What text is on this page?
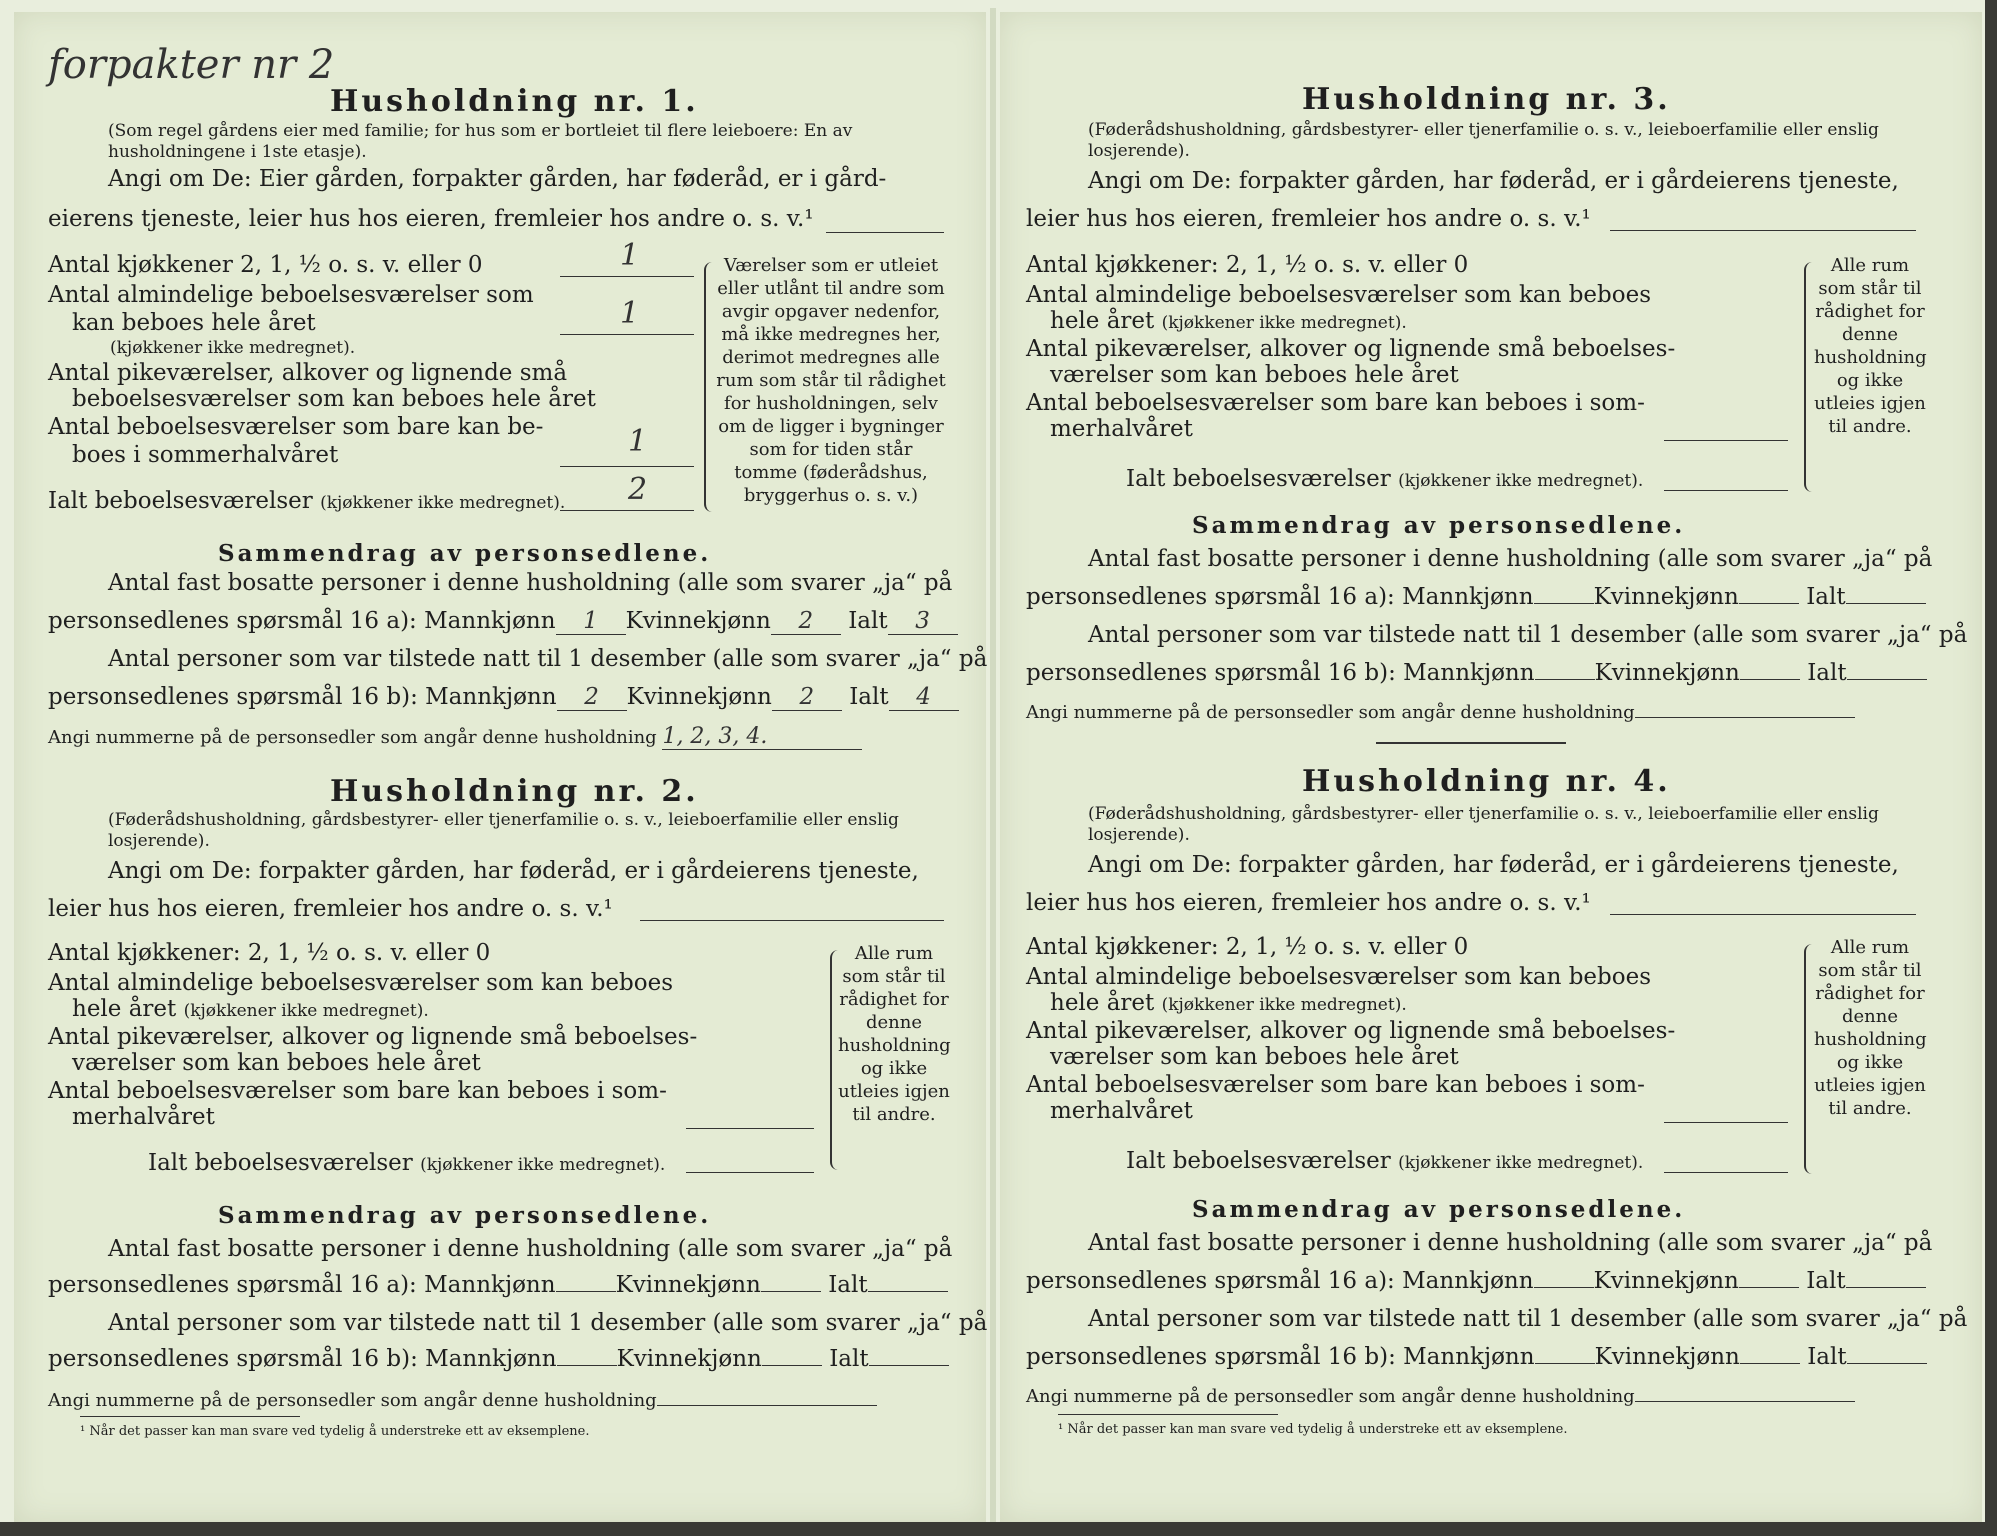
forpakter nr 2
Husholdning nr. 1.
(Som regel gårdens eier med familie; for hus som er bortleiet til flere leieboere: En av husholdningene i 1ste etasje).
Angi om De: Eier gården, forpakter gården, har føderåd, er i gård-
eierens tjeneste, leier hus hos eieren, fremleier hos andre o. s. v.¹
Antal kjøkkener 2, 1, ½ o. s. v. eller 0	1
Antal almindelige beboelsesværelser som
kan beboes hele året	1
(kjøkkener ikke medregnet).
Antal pikeværelser, alkover og lignende små
beboelsesværelser som kan beboes hele året
Antal beboelsesværelser som bare kan be-
boes i sommerhalvåret	1
Ialt beboelsesværelser (kjøkkener ikke medregnet). 2
Værelser som er utleiet eller utlånt til andre som avgir opgaver nedenfor, må ikke medregnes her, derimot medregnes alle rum som står til rådighet for husholdningen, selv om de ligger i bygninger som for tiden står tomme (føderådshus, bryggerhus o. s. v.)
Sammendrag av personsedlene.
Antal fast bosatte personer i denne husholdning (alle som svarer „ja“ på
personsedlenes spørsmål 16 a): Mannkjønn 1 Kvinnekjønn 2 Ialt 3
Antal personer som var tilstede natt til 1 desember (alle som svarer „ja“ på
personsedlenes spørsmål 16 b): Mannkjønn 2 Kvinnekjønn 2 Ialt 4
Angi nummerne på de personsedler som angår denne husholdning 1, 2, 3, 4.
Husholdning nr. 2.
(Føderådshusholdning, gårdsbestyrer- eller tjenerfamilie o. s. v., leieboerfamilie eller enslig losjerende).
Angi om De: forpakter gården, har føderåd, er i gårdeierens tjeneste,
leier hus hos eieren, fremleier hos andre o. s. v.¹
Antal kjøkkener: 2, 1, ½ o. s. v. eller 0
Antal almindelige beboelsesværelser som kan beboes
hele året (kjøkkener ikke medregnet).
Antal pikeværelser, alkover og lignende små beboelses-
værelser som kan beboes hele året
Antal beboelsesværelser som bare kan beboes i som-
merhalvåret
Ialt beboelsesværelser (kjøkkener ikke medregnet).
Alle rum som står til rådighet for denne husholdning og ikke utleies igjen til andre.
Sammendrag av personsedlene.
Antal fast bosatte personer i denne husholdning (alle som svarer „ja“ på
personsedlenes spørsmål 16 a): Mannkjønn	Kvinnekjønn	Ialt
Antal personer som var tilstede natt til 1 desember (alle som svarer „ja“ på
personsedlenes spørsmål 16 b): Mannkjønn	Kvinnekjønn	Ialt
Angi nummerne på de personsedler som angår denne husholdning
¹ Når det passer kan man svare ved tydelig å understreke ett av eksemplene.
Husholdning nr. 3.
(Føderådshusholdning, gårdsbestyrer- eller tjenerfamilie o. s. v., leieboerfamilie eller enslig losjerende).
Angi om De: forpakter gården, har føderåd, er i gårdeierens tjeneste,
leier hus hos eieren, fremleier hos andre o. s. v.¹
Antal kjøkkener: 2, 1, ½ o. s. v. eller 0
Antal almindelige beboelsesværelser som kan beboes
hele året (kjøkkener ikke medregnet).
Antal pikeværelser, alkover og lignende små beboelses-
værelser som kan beboes hele året
Antal beboelsesværelser som bare kan beboes i som-
merhalvåret
Ialt beboelsesværelser (kjøkkener ikke medregnet).
Alle rum som står til rådighet for denne husholdning og ikke utleies igjen til andre.
Sammendrag av personsedlene.
Antal fast bosatte personer i denne husholdning (alle som svarer „ja“ på
personsedlenes spørsmål 16 a): Mannkjønn	Kvinnekjønn	Ialt
Antal personer som var tilstede natt til 1 desember (alle som svarer „ja“ på
personsedlenes spørsmål 16 b): Mannkjønn	Kvinnekjønn	Ialt
Angi nummerne på de personsedler som angår denne husholdning
Husholdning nr. 4.
(Føderådshusholdning, gårdsbestyrer- eller tjenerfamilie o. s. v., leieboerfamilie eller enslig losjerende).
Angi om De: forpakter gården, har føderåd, er i gårdeierens tjeneste,
leier hus hos eieren, fremleier hos andre o. s. v.¹
Antal kjøkkener: 2, 1, ½ o. s. v. eller 0
Antal almindelige beboelsesværelser som kan beboes
hele året (kjøkkener ikke medregnet).
Antal pikeværelser, alkover og lignende små beboelses-
værelser som kan beboes hele året
Antal beboelsesværelser som bare kan beboes i som-
merhalvåret
Ialt beboelsesværelser (kjøkkener ikke medregnet).
Alle rum som står til rådighet for denne husholdning og ikke utleies igjen til andre.
Sammendrag av personsedlene.
Antal fast bosatte personer i denne husholdning (alle som svarer „ja“ på
personsedlenes spørsmål 16 a): Mannkjønn	Kvinnekjønn	Ialt
Antal personer som var tilstede natt til 1 desember (alle som svarer „ja“ på
personsedlenes spørsmål 16 b): Mannkjønn	Kvinnekjønn	Ialt
Angi nummerne på de personsedler som angår denne husholdning
¹ Når det passer kan man svare ved tydelig å understreke ett av eksemplene.
